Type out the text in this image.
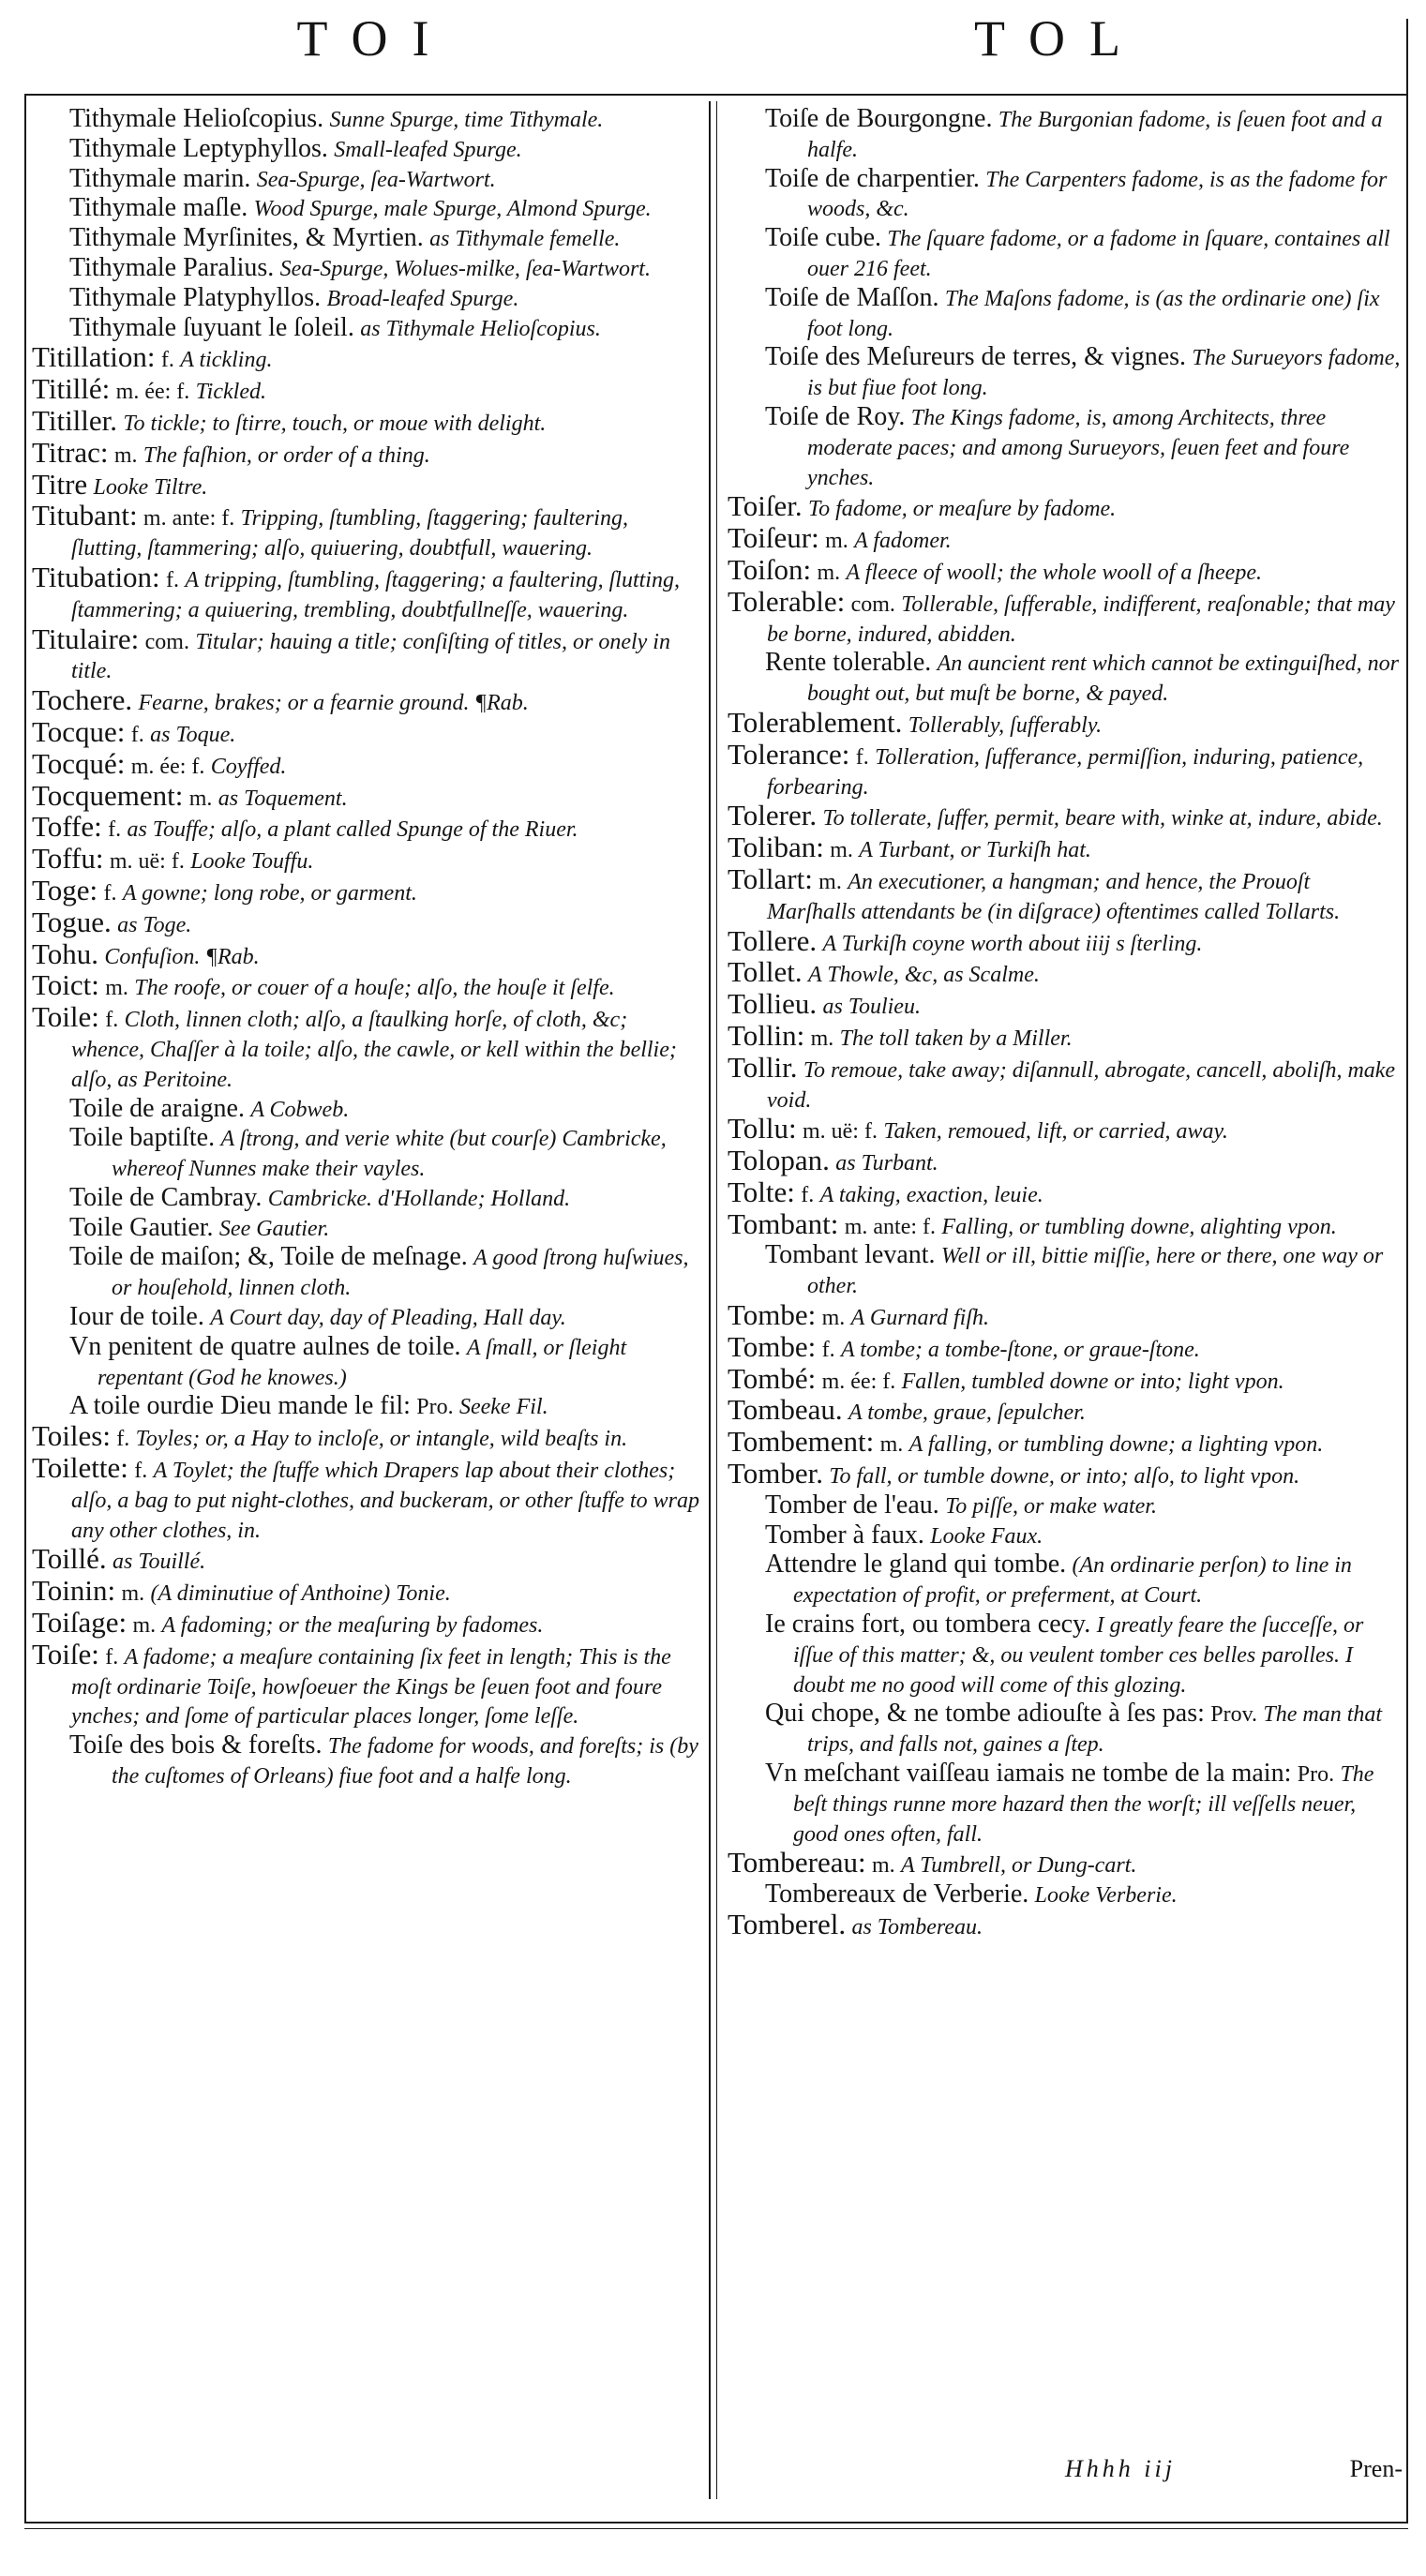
TOI	TOL

Tithymale Helioſcopius. Sunne Spurge, time Tithymale.

Tithymale Leptyphyllos. Small-leafed Spurge.

Tithymale marin. Sea-Spurge, ſea-Wartwort.

Tithymale maſle. Wood Spurge, male Spurge, Almond Spurge.

Tithymale Myrſinites, & Myrtien. as Tithymale femelle.

Tithymale Paralius. Sea-Spurge, Wolues-milke, ſea-Wartwort.

Tithymale Platyphyllos. Broad-leafed Spurge.

Tithymale ſuyuant le ſoleil. as Tithymale Helioſcopius.

Titillation: f. A tickling.

Titillé: m. ée: f. Tickled.

Titiller. To tickle; to ſtirre, touch, or moue with delight.

Titrac: m. The faſhion, or order of a thing.

Titre Looke Tiltre.

Titubant: m. ante: f. Tripping, ſtumbling, ſtaggering; faultering, ſlutting, ſtammering; alſo, quiuering, doubtfull, wauering.

Titubation: f. A tripping, ſtumbling, ſtaggering; a faultering, ſlutting, ſtammering; a quiuering, trembling, doubtfullneſſe, wauering.

Titulaire: com. Titular; hauing a title; conſiſting of titles, or onely in title.

Tochere. Fearne, brakes; or a fearnie ground. ¶Rab.

Tocque: f. as Toque.

Tocqué: m. ée: f. Coyffed.

Tocquement: m. as Toquement.

Toffe: f. as Touffe; alſo, a plant called Spunge of the Riuer.

Toffu: m. uë: f. Looke Touffu.

Toge: f. A gowne; long robe, or garment.

Togue. as Toge.

Tohu. Confuſion. ¶Rab.

Toict: m. The roofe, or couer of a houſe; alſo, the houſe it ſelfe.

Toile: f. Cloth, linnen cloth; alſo, a ſtaulking horſe, of cloth, &c; whence, Chaſſer à la toile; alſo, the cawle, or kell within the bellie; alſo, as Peritoine.

Toile de araigne. A Cobweb.

Toile baptiſte. A ſtrong, and verie white (but courſe) Cambricke, whereof Nunnes make their vayles.

Toile de Cambray. Cambricke. d'Hollande; Holland.

Toile Gautier. See Gautier.

Toile de maiſon; &, Toile de meſnage. A good ſtrong huſwiues, or houſehold, linnen cloth.

Iour de toile. A Court day, day of Pleading, Hall day.

Vn penitent de quatre aulnes de toile. A ſmall, or ſleight repentant (God he knowes.)

A toile ourdie Dieu mande le fil: Pro. Seeke Fil.

Toiles: f. Toyles; or, a Hay to incloſe, or intangle, wild beaſts in.

Toilette: f. A Toylet; the ſtuffe which Drapers lap about their clothes; alſo, a bag to put night-clothes, and buckeram, or other ſtuffe to wrap any other clothes, in.

Toillé. as Touillé.

Toinin: m. (A diminutiue of Anthoine) Tonie.

Toiſage: m. A fadoming; or the meaſuring by fadomes.

Toiſe: f. A fadome; a meaſure containing ſix feet in length; This is the moſt ordinarie Toiſe, howſoeuer the Kings be ſeuen foot and foure ynches; and ſome of particular places longer, ſome leſſe.

Toiſe des bois & foreſts. The fadome for woods, and foreſts; is (by the cuſtomes of Orleans) fiue foot and a halfe long.

Toiſe de Bourgongne. The Burgonian fadome, is ſeuen foot and a halfe.

Toiſe de charpentier. The Carpenters fadome, is as the fadome for woods, &c.

Toiſe cube. The ſquare fadome, or a fadome in ſquare, containes all ouer 216 feet.

Toiſe de Maſſon. The Maſons fadome, is (as the ordinarie one) ſix foot long.

Toiſe des Meſureurs de terres, & vignes. The Surueyors fadome, is but fiue foot long.

Toiſe de Roy. The Kings fadome, is, among Architects, three moderate paces; and among Surueyors, ſeuen feet and foure ynches.

Toiſer. To fadome, or meaſure by fadome.

Toiſeur: m. A fadomer.

Toiſon: m. A fleece of wooll; the whole wooll of a ſheepe.

Tolerable: com. Tollerable, ſufferable, indifferent, reaſonable; that may be borne, indured, abidden.

Rente tolerable. An auncient rent which cannot be extinguiſhed, nor bought out, but muſt be borne, & payed.

Tolerablement. Tollerably, ſufferably.

Tolerance: f. Tolleration, ſufferance, permiſſion, induring, patience, forbearing.

Tolerer. To tollerate, ſuffer, permit, beare with, winke at, indure, abide.

Toliban: m. A Turbant, or Turkiſh hat.

Tollart: m. An executioner, a hangman; and hence, the Prouoſt Marſhalls attendants be (in diſgrace) oftentimes called Tollarts.

Tollere. A Turkiſh coyne worth about iiij s ſterling.

Tollet. A Thowle, &c, as Scalme.

Tollieu. as Toulieu.

Tollin: m. The toll taken by a Miller.

Tollir. To remoue, take away; diſannull, abrogate, cancell, aboliſh, make void.

Tollu: m. uë: f. Taken, remoued, lift, or carried, away.

Tolopan. as Turbant.

Tolte: f. A taking, exaction, leuie.

Tombant: m. ante: f. Falling, or tumbling downe, alighting vpon.

Tombant levant. Well or ill, bittie miſſie, here or there, one way or other.

Tombe: m. A Gurnard fiſh.

Tombe: f. A tombe; a tombe-ſtone, or graue-ſtone.

Tombé: m. ée: f. Fallen, tumbled downe or into; light vpon.

Tombeau. A tombe, graue, ſepulcher.

Tombement: m. A falling, or tumbling downe; a lighting vpon.

Tomber. To fall, or tumble downe, or into; alſo, to light vpon.

Tomber de l'eau. To piſſe, or make water.

Tomber à faux. Looke Faux.

Attendre le gland qui tombe. (An ordinarie perſon) to line in expectation of profit, or preferment, at Court.

Ie crains fort, ou tombera cecy. I greatly feare the ſucceſſe, or iſſue of this matter; &, ou veulent tomber ces belles parolles. I doubt me no good will come of this glozing.

Qui chope, & ne tombe adiouſte à ſes pas: Prov. The man that trips, and falls not, gaines a ſtep.

Vn meſchant vaiſſeau iamais ne tombe de la main: Pro. The beſt things runne more hazard then the worſt; ill veſſells neuer, good ones often, fall.

Tombereau: m. A Tumbrell, or Dung-cart.

Tombereaux de Verberie. Looke Verberie.

Tomberel. as Tombereau.

Hhhh iij	Pren-
